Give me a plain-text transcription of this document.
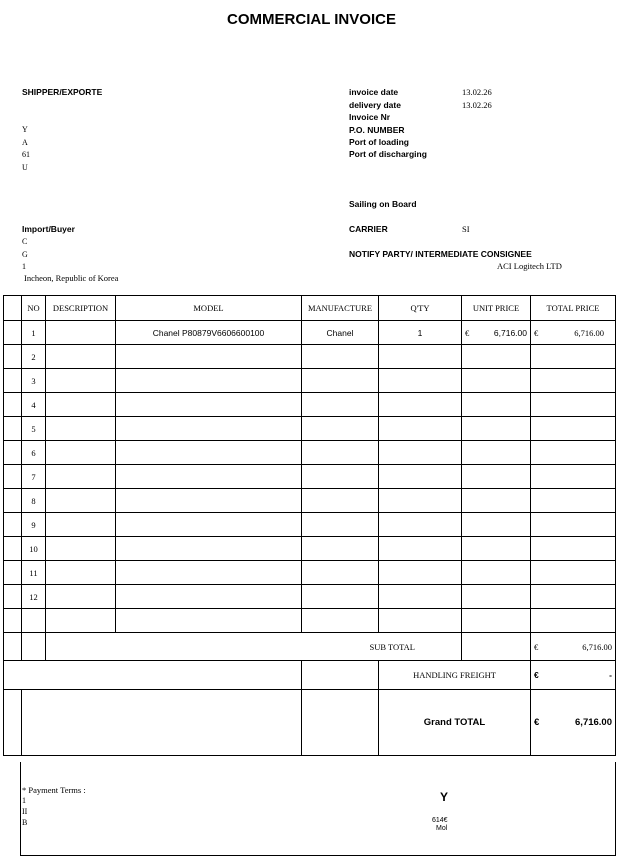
COMMERCIAL INVOICE
SHIPPER/EXPORTE
Y
A
61
U
invoice date	13.02.26
delivery date	13.02.26
Invoice Nr
P.O. NUMBER
Port of loading
Port of discharging
Sailing on Board
CARRIER	SI
NOTIFY PARTY/ INTERMEDIATE CONSIGNEE
ACI Logitech LTD
Import/Buyer
C
G
1
Incheon, Republic of Korea
	NO	DESCRIPTION	MODEL	MANUFACTURE	Q'TY	UNIT PRICE	TOTAL PRICE
	1		Chanel P80879V6606600100	Chanel	1	€ 6,716.00	€ 6,716.00

	2						
	3						
	4						
	5						
	6						
	7						
	8						
	9						
	10						
	11						
	12						

		SUB TOTAL					€ 6,716.00

					HANDLING FREIGHT		€ -

					Grand TOTAL		€ 6,716.00
* Payment Terms :
1
II
B
Y
614€
Mol
